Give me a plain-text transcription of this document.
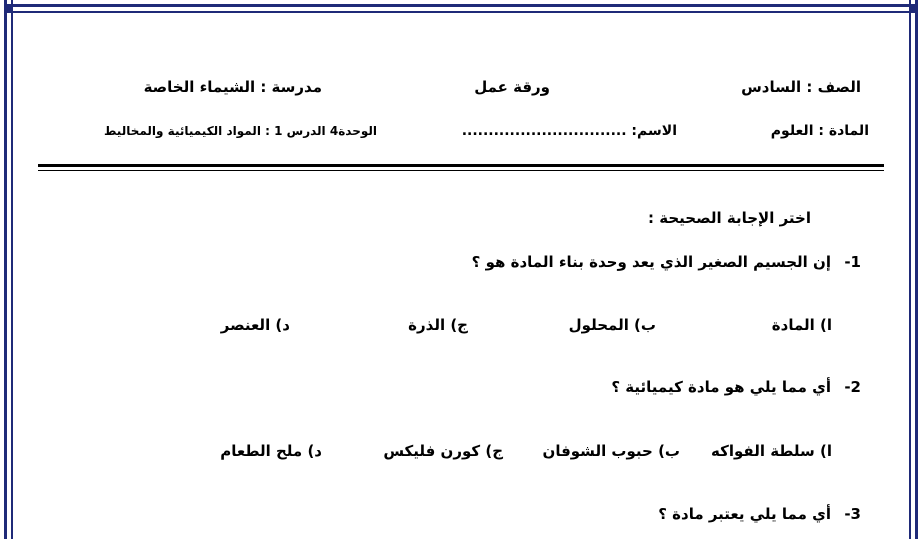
الصف : السادس
ورقة عمل
مدرسة : الشيماء الخاصة
المادة : العلوم
الاسم: ...............................
الوحدة4 الدرس 1 : المواد الكيميائية والمخاليط
اختر الإجابة الصحيحة :
-1
إن الجسيم الصغير الذي يعد وحدة بناء المادة هو ؟
ا) المادة
ب) المحلول
ج) الذرة
د) العنصر
-2
أي مما يلي هو مادة كيميائية ؟
ا) سلطة الفواكه
ب) حبوب الشوفان
ج) كورن فليكس
د) ملح الطعام
-3
أي مما يلي يعتبر مادة ؟
